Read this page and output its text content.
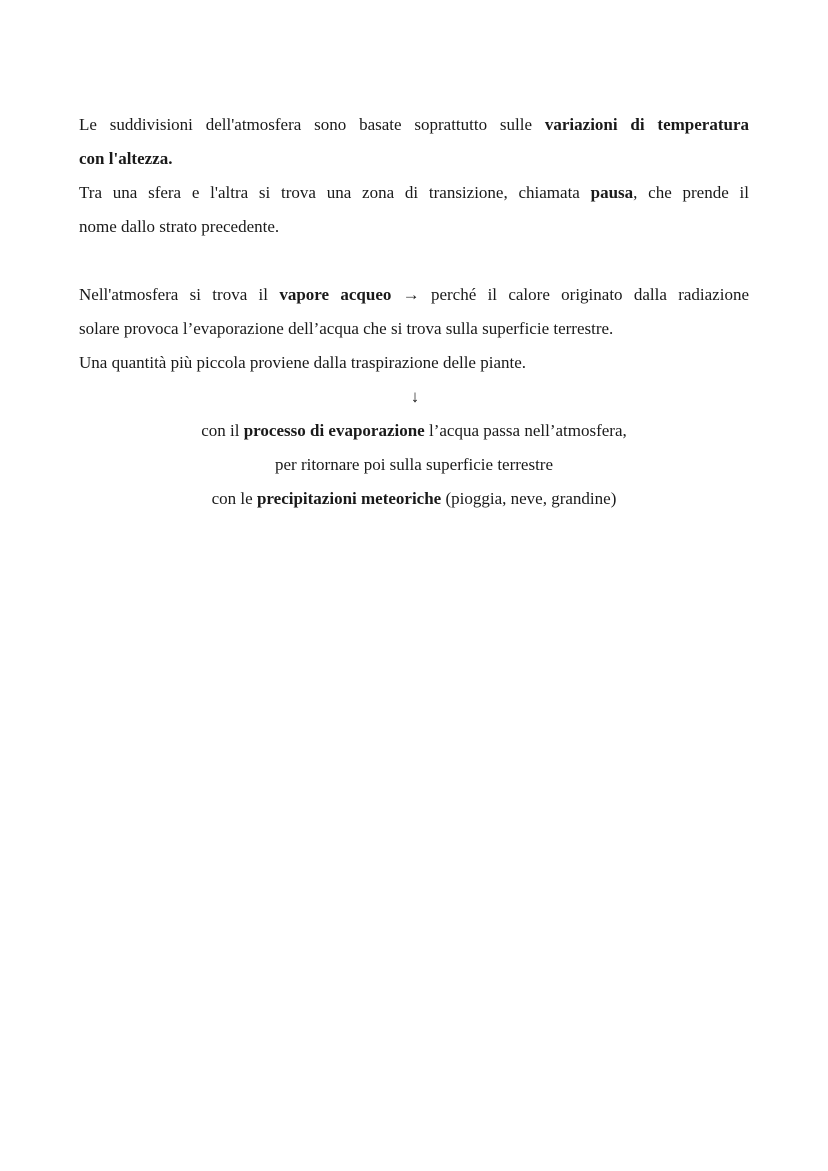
Le suddivisioni dell'atmosfera sono basate soprattutto sulle variazioni di temperatura
con l'altezza.

Tra una sfera e l'altra si trova una zona di transizione, chiamata pausa, che prende il
nome dallo strato precedente.

Nell'atmosfera si trova il vapore acqueo → perché il calore originato dalla radiazione
solare provoca l’evaporazione dell’acqua che si trova sulla superficie terrestre.
Una quantità più piccola proviene dalla traspirazione delle piante.
↓
con il processo di evaporazione l’acqua passa nell’atmosfera,
per ritornare poi sulla superficie terrestre
con le precipitazioni meteoriche (pioggia, neve, grandine)
